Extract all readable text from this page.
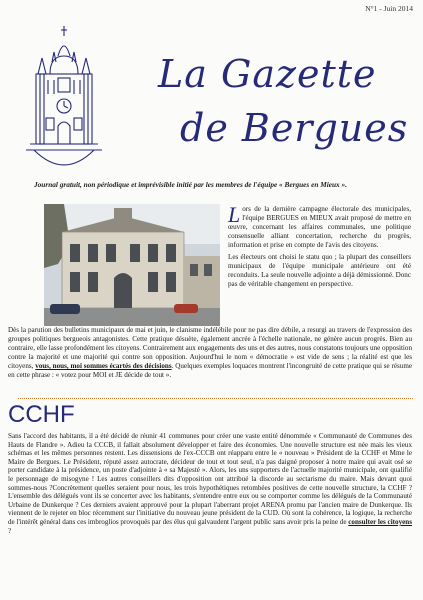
N°1 - Juin 2014
La Gazette
de Bergues
Journal gratuit, non périodique et imprévisible initié par les membres de l'équipe « Bergues en Mieux ».

L ors de la dernière campagne électorale des municipales, l'équipe BERGUES en MIEUX avait proposé de mettre en œuvre, concernant les affaires communales, une politique consensuelle alliant concertation, recherche du progrès, information et prise en compte de l'avis des citoyens.

Les électeurs ont choisi le statu quo ; la plupart des conseillers municipaux de l'équipe municipale antérieure ont été reconduits. La seule nouvelle adjointe a déjà démissionné. Donc pas de véritable changement en perspective.

Dès la parution des bulletins municipaux de mai et juin, le clanisme indélébile pour ne pas dire débile, a resurgi au travers de l'expression des groupes politiques bergueois antagonistes. Cette pratique désuète, également ancrée à l'échelle nationale, ne génère aucun progrès. Bien au contraire, elle lasse profondément les citoyens. Contrairement aux engagements des uns et des autres, nous constatons toujours une opposition contre la majorité et une majorité qui contre son opposition. Aujourd'hui le nom « démocratie » est vide de sens ; la réalité est que les citoyens, vous, nous, moi sommes écartés des décisions. Quelques exemples loquaces montrent l'incongruité de cette pratique qui se résume en cette phrase : « votez pour MOI et JE décide de tout ».
CCHF
Sans l'accord des habitants, il a été décidé de réunir 41 communes pour créer une vaste entité dénommée « Communauté de Communes des Hauts de Flandre ». Adieu la CCCB, il fallait absolument développer et faire des économies. Une nouvelle structure est née mais les vieux schémas et les mêmes personnes restent. Les dissensions de l'ex-CCCB ont réapparu entre le « nouveau » Président de la CCHF et Mme le Maire de Bergues. Le Président, réputé assez autocrate, décideur de tout et tout seul, n'a pas daigné proposer à notre maire qui avait osé se porter candidate à la présidence, un poste d'adjointe à « sa Majesté ». Alors, les uns supporters de l'actuelle majorité municipale, ont qualifié le personnage de misogyne ! Les autres conseillers dits d'opposition ont attribué la discorde au sectarisme du maire. Mais devant quoi sommes-nous ?Concrètement quelles seraient pour nous, les trois hypothétiques retombées positives de cette nouvelle structure, la CCHF ? L'ensemble des délégués vont ils se concerter avec les habitants, s'entendre entre eux ou se comporter comme les délégués de la Communauté Urbaine de Dunkerque ? Ces derniers avaient approuvé pour la plupart l'aberrant projet ARENA promu par l'ancien maire de Dunkerque. Ils viennent de le rejeter en bloc récemment sur l'initiative du nouveau jeune président de la CUD. Où sont la cohérence, la logique, la recherche de l'intérêt général dans ces imbroglios provoqués par des élus qui galvaudent l'argent public sans avoir pris la peine de consulter les citoyens ?
